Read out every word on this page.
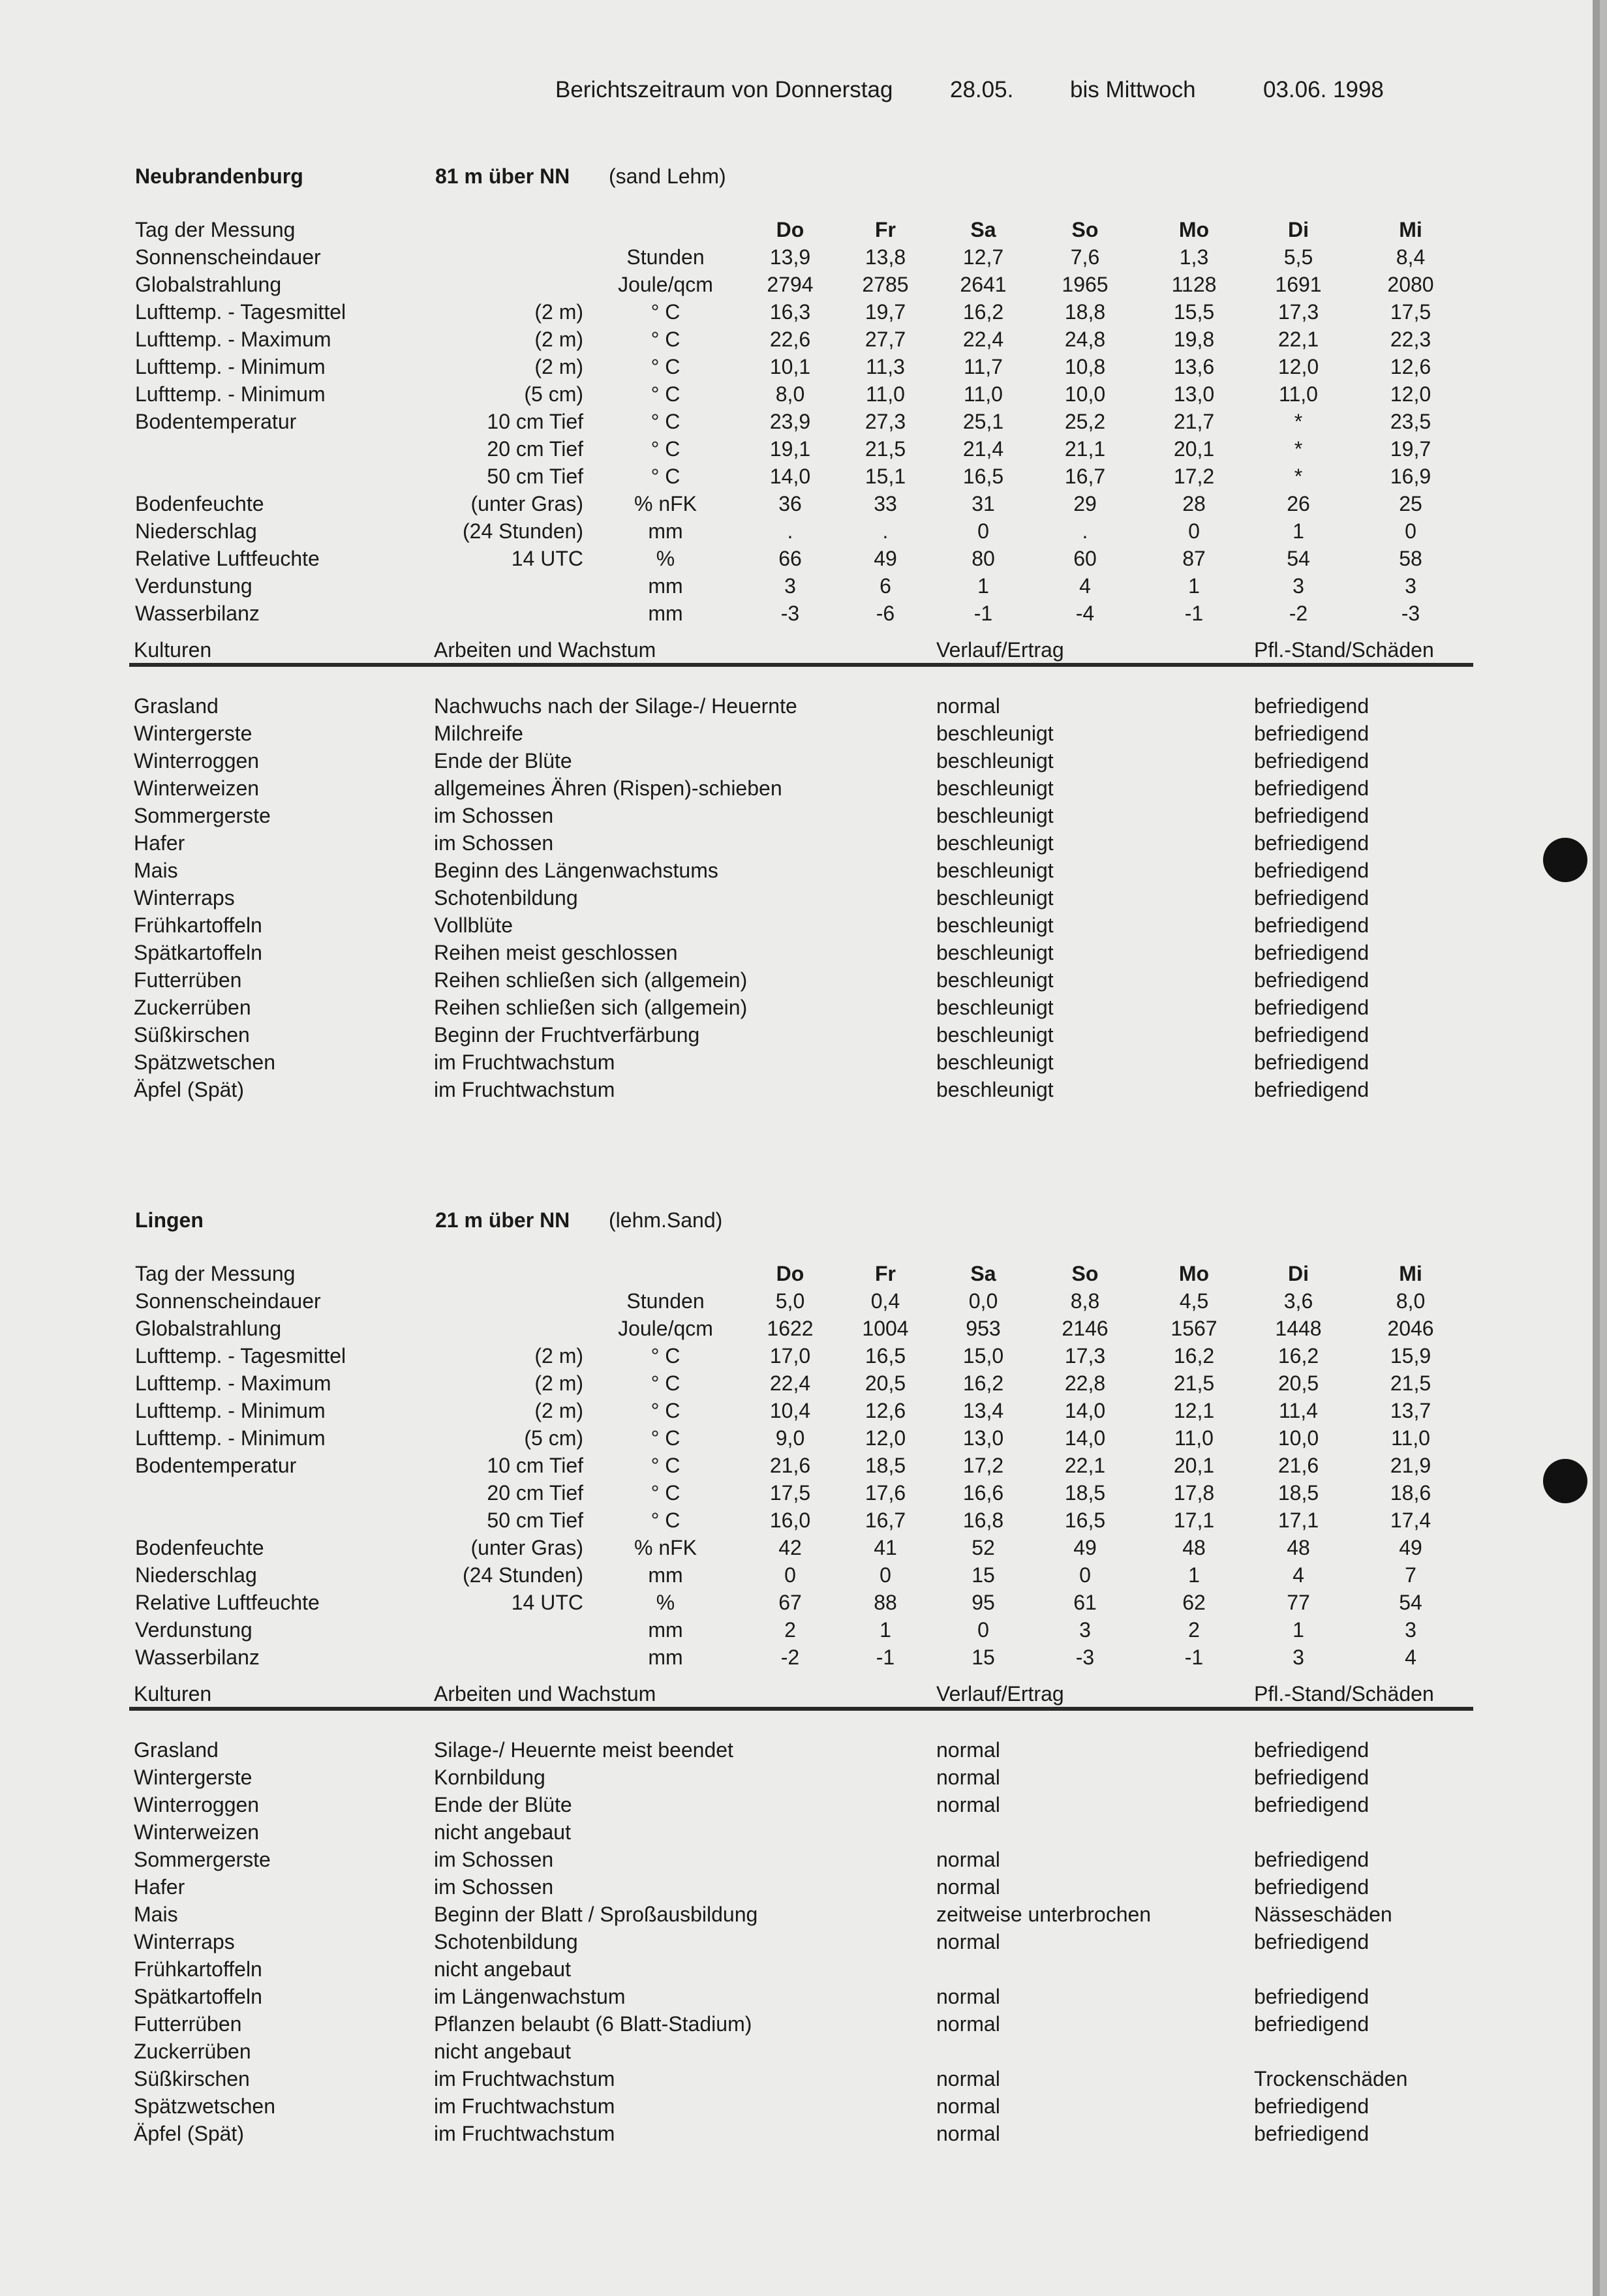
Berichtszeitraum von Donnerstag	28.05. bis Mittwoch	03.06. 1998
Neubrandenburg	81 m über NN (sand Lehm)
Tag der Messung	Do	Fr	Sa	So	Mo	Di	Mi
Sonnenscheindauer	Stunden	13,9	13,8	12,7	7,6	1,3	5,5	8,4
Globalstrahlung	Joule/qcm	2794	2785	2641	1965	1128	1691	2080
Lufttemp. - Tagesmittel	(2 m)	° C	16,3	19,7	16,2	18,8	15,5	17,3	17,5
Lufttemp. - Maximum	(2 m)	° C	22,6	27,7	22,4	24,8	19,8	22,1	22,3
Lufttemp. - Minimum	(2 m)	° C	10,1	11,3	11,7	10,8	13,6	12,0	12,6
Lufttemp. - Minimum	(5 cm)	° C	8,0	11,0	11,0	10,0	13,0	11,0	12,0
Bodentemperatur	10 cm Tief	° C	23,9	27,3	25,1	25,2	21,7	*	23,5
20 cm Tief	° C	19,1	21,5	21,4	21,1	20,1	*	19,7
50 cm Tief	° C	14,0	15,1	16,5	16,7	17,2	*	16,9
Bodenfeuchte	(unter Gras)	% nFK	36	33	31	29	28	26	25
Niederschlag	(24 Stunden)	mm	.	.	0	.	0	1	0
Relative Luftfeuchte	14 UTC	%	66	49	80	60	87	54	58
Verdunstung	mm	3	6	1	4	1	3	3
Wasserbilanz	mm	-3	-6	-1	-4	-1	-2	-3
Kulturen	Arbeiten und Wachstum	Verlauf/Ertrag	Pfl.-Stand/Schäden
Grasland	Nachwuchs nach der Silage-/ Heuernte	normal	befriedigend
Wintergerste	Milchreife	beschleunigt	befriedigend
Winterroggen	Ende der Blüte	beschleunigt	befriedigend
Winterweizen	allgemeines Ähren (Rispen)-schieben	beschleunigt	befriedigend
Sommergerste	im Schossen	beschleunigt	befriedigend
Hafer	im Schossen	beschleunigt	befriedigend
Mais	Beginn des Längenwachstums	beschleunigt	befriedigend
Winterraps	Schotenbildung	beschleunigt	befriedigend
Frühkartoffeln	Vollblüte	beschleunigt	befriedigend
Spätkartoffeln	Reihen meist geschlossen	beschleunigt	befriedigend
Futterrüben	Reihen schließen sich (allgemein)	beschleunigt	befriedigend
Zuckerrüben	Reihen schließen sich (allgemein)	beschleunigt	befriedigend
Süßkirschen	Beginn der Fruchtverfärbung	beschleunigt	befriedigend
Spätzwetschen	im Fruchtwachstum	beschleunigt	befriedigend
Äpfel (Spät)	im Fruchtwachstum	beschleunigt	befriedigend
Lingen	21 m über NN (lehm.Sand)
Tag der Messung	Do	Fr	Sa	So	Mo	Di	Mi
Sonnenscheindauer	Stunden	5,0	0,4	0,0	8,8	4,5	3,6	8,0
Globalstrahlung	Joule/qcm	1622	1004	953	2146	1567	1448	2046
Lufttemp. - Tagesmittel	(2 m)	° C	17,0	16,5	15,0	17,3	16,2	16,2	15,9
Lufttemp. - Maximum	(2 m)	° C	22,4	20,5	16,2	22,8	21,5	20,5	21,5
Lufttemp. - Minimum	(2 m)	° C	10,4	12,6	13,4	14,0	12,1	11,4	13,7
Lufttemp. - Minimum	(5 cm)	° C	9,0	12,0	13,0	14,0	11,0	10,0	11,0
Bodentemperatur	10 cm Tief	° C	21,6	18,5	17,2	22,1	20,1	21,6	21,9
20 cm Tief	° C	17,5	17,6	16,6	18,5	17,8	18,5	18,6
50 cm Tief	° C	16,0	16,7	16,8	16,5	17,1	17,1	17,4
Bodenfeuchte	(unter Gras)	% nFK	42	41	52	49	48	48	49
Niederschlag	(24 Stunden)	mm	0	0	15	0	1	4	7
Relative Luftfeuchte	14 UTC	%	67	88	95	61	62	77	54
Verdunstung	mm	2	1	0	3	2	1	3
Wasserbilanz	mm	-2	-1	15	-3	-1	3	4
Kulturen	Arbeiten und Wachstum	Verlauf/Ertrag	Pfl.-Stand/Schäden
Grasland	Silage-/ Heuernte meist beendet	normal	befriedigend
Wintergerste	Kornbildung	normal	befriedigend
Winterroggen	Ende der Blüte	normal	befriedigend
Winterweizen	nicht angebaut
Sommergerste	im Schossen	normal	befriedigend
Hafer	im Schossen	normal	befriedigend
Mais	Beginn der Blatt / Sproßausbildung	zeitweise unterbrochen	Nässeschäden
Winterraps	Schotenbildung	normal	befriedigend
Frühkartoffeln	nicht angebaut
Spätkartoffeln	im Längenwachstum	normal	befriedigend
Futterrüben	Pflanzen belaubt (6 Blatt-Stadium)	normal	befriedigend
Zuckerrüben	nicht angebaut
Süßkirschen	im Fruchtwachstum	normal	Trockenschäden
Spätzwetschen	im Fruchtwachstum	normal	befriedigend
Äpfel (Spät)	im Fruchtwachstum	normal	befriedigend
